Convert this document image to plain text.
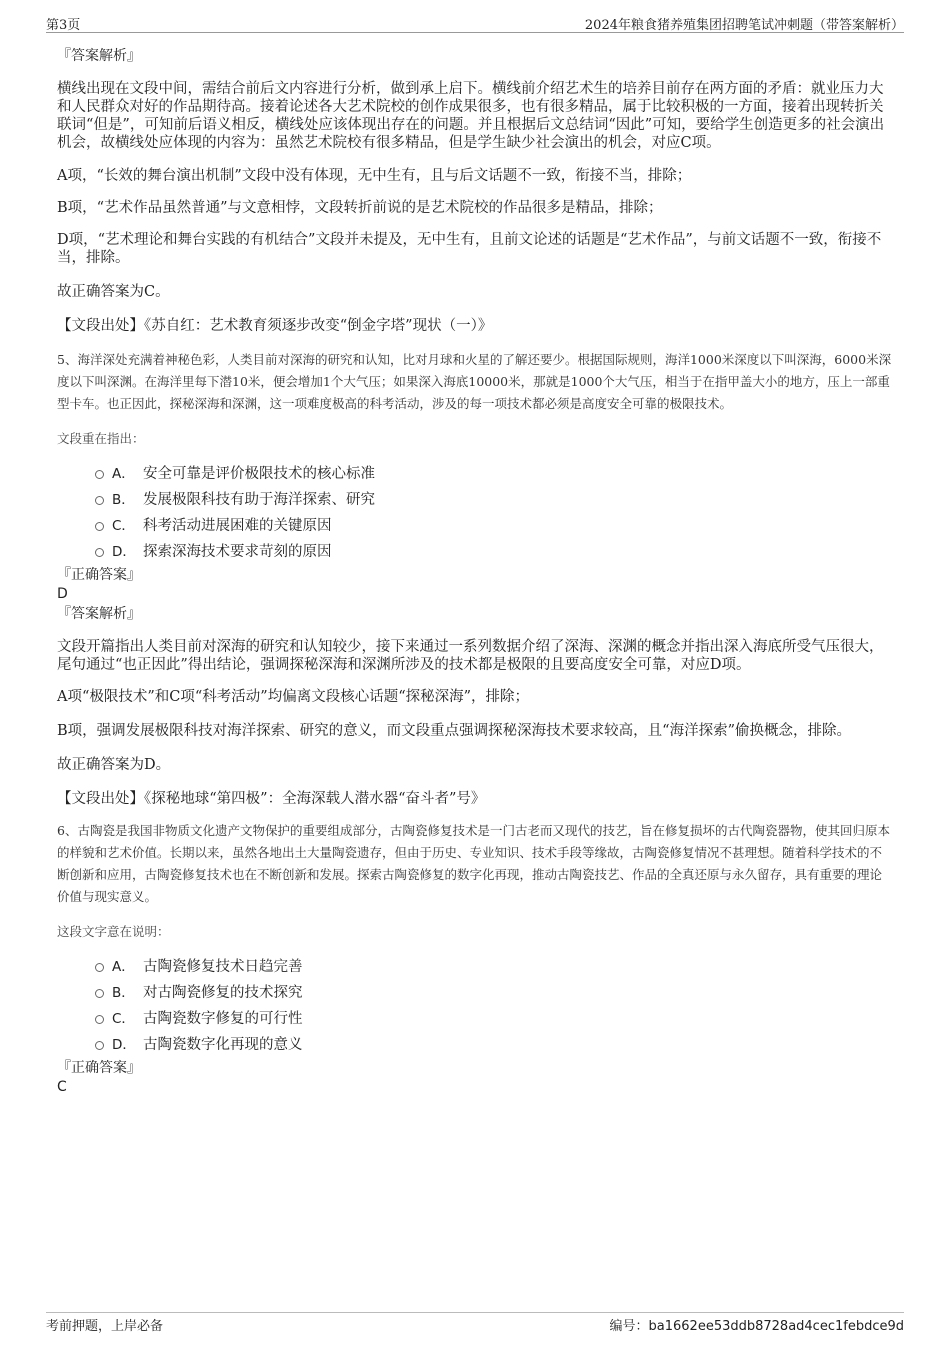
第3页	2024年粮食猪养殖集团招聘笔试冲刺题（带答案解析）

『答案解析』

横线出现在文段中间，需结合前后文内容进行分析，做到承上启下。横线前介绍艺术生的培养目前存在两方面的矛盾：就业压力大和人民群众对好的作品期待高。接着论述各大艺术院校的创作成果很多，也有很多精品，属于比较积极的一方面，接着出现转折关联词“但是”，可知前后语义相反，横线处应该体现出存在的问题。并且根据后文总结词“因此”可知，要给学生创造更多的社会演出机会，故横线处应体现的内容为：虽然艺术院校有很多精品，但是学生缺少社会演出的机会，对应C项。

A项，“长效的舞台演出机制”文段中没有体现，无中生有，且与后文话题不一致，衔接不当，排除；

B项，“艺术作品虽然普通”与文意相悖，文段转折前说的是艺术院校的作品很多是精品，排除；

D项，“艺术理论和舞台实践的有机结合”文段并未提及，无中生有，且前文论述的话题是“艺术作品”，与前文话题不一致，衔接不当，排除。

故正确答案为C。

【文段出处】《苏自红：艺术教育须逐步改变“倒金字塔”现状（一）》

5、海洋深处充满着神秘色彩，人类目前对深海的研究和认知，比对月球和火星的了解还要少。根据国际规则，海洋1000米深度以下叫深海，6000米深度以下叫深渊。在海洋里每下潜10米，便会增加1个大气压；如果深入海底10000米，那就是1000个大气压，相当于在指甲盖大小的地方，压上一部重型卡车。也正因此，探秘深海和深渊，这一项难度极高的科考活动，涉及的每一项技术都必须是高度安全可靠的极限技术。

文段重在指出：

A． 安全可靠是评价极限技术的核心标准
B． 发展极限科技有助于海洋探索、研究
C． 科考活动进展困难的关键原因
D． 探索深海技术要求苛刻的原因

『正确答案』

D

『答案解析』

文段开篇指出人类目前对深海的研究和认知较少，接下来通过一系列数据介绍了深海、深渊的概念并指出深入海底所受气压很大，尾句通过“也正因此”得出结论，强调探秘深海和深渊所涉及的技术都是极限的且要高度安全可靠，对应D项。

A项“极限技术”和C项“科考活动”均偏离文段核心话题“探秘深海”，排除；

B项，强调发展极限科技对海洋探索、研究的意义，而文段重点强调探秘深海技术要求较高，且“海洋探索”偷换概念，排除。

故正确答案为D。

【文段出处】《探秘地球“第四极”：全海深载人潜水器“奋斗者”号》

6、古陶瓷是我国非物质文化遗产文物保护的重要组成部分，古陶瓷修复技术是一门古老而又现代的技艺，旨在修复损坏的古代陶瓷器物，使其回归原本的样貌和艺术价值。长期以来，虽然各地出土大量陶瓷遗存，但由于历史、专业知识、技术手段等缘故，古陶瓷修复情况不甚理想。随着科学技术的不断创新和应用，古陶瓷修复技术也在不断创新和发展。探索古陶瓷修复的数字化再现，推动古陶瓷技艺、作品的全真还原与永久留存，具有重要的理论价值与现实意义。

这段文字意在说明：

A． 古陶瓷修复技术日趋完善
B． 对古陶瓷修复的技术探究
C． 古陶瓷数字修复的可行性
D． 古陶瓷数字化再现的意义

『正确答案』

C

考前押题，上岸必备	编号：ba1662ee53ddb8728ad4cec1febdce9d
